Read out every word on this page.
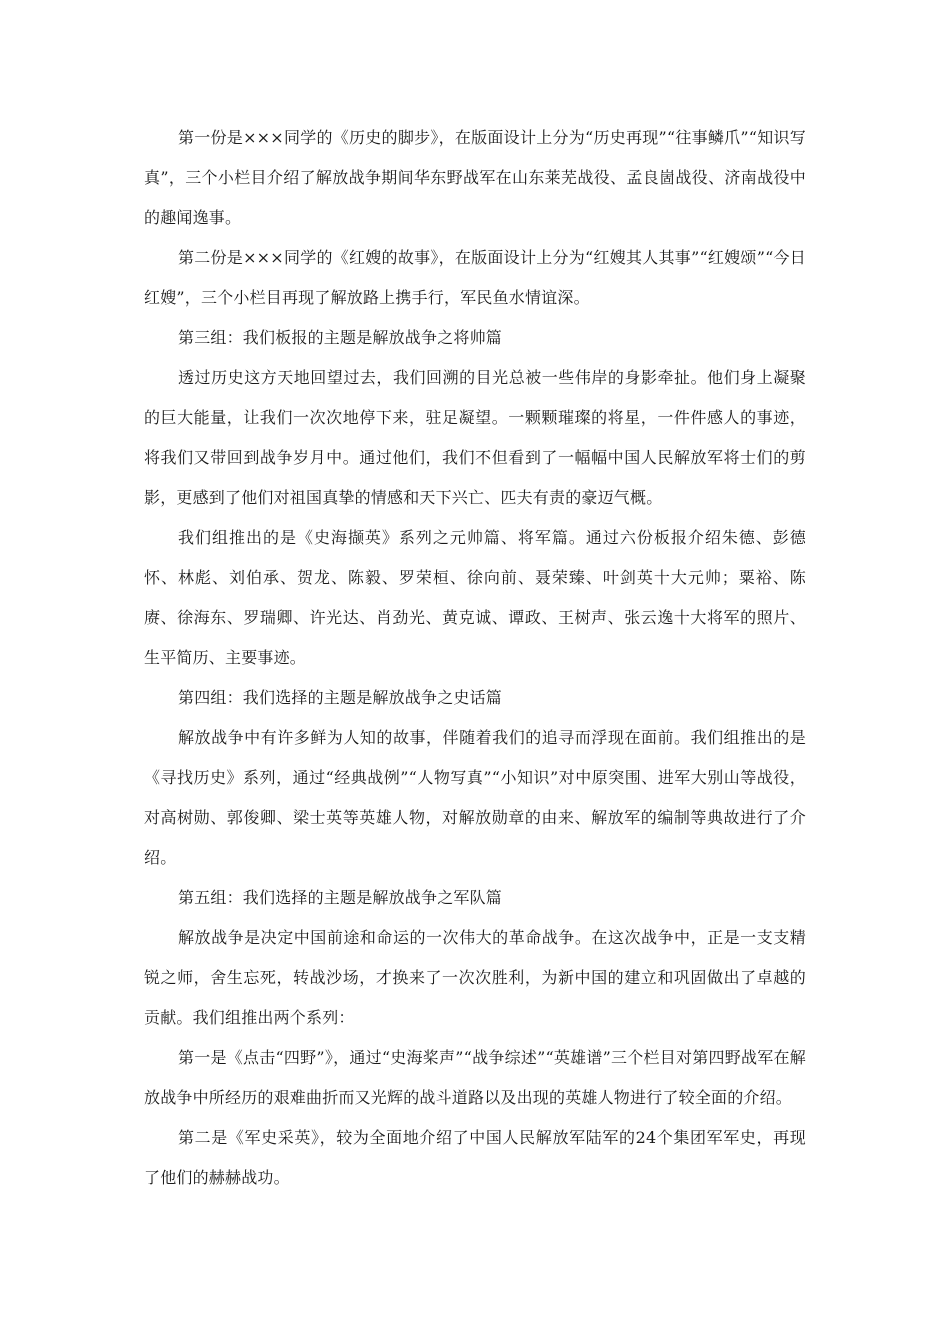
第一份是×××同学的《历史的脚步》，在版面设计上分为“历史再现”“往事鳞爪”“知识写真”，三个小栏目介绍了解放战争期间华东野战军在山东莱芜战役、孟良崮战役、济南战役中的趣闻逸事。

第二份是×××同学的《红嫂的故事》，在版面设计上分为“红嫂其人其事”“红嫂颂”“今日红嫂”，三个小栏目再现了解放路上携手行，军民鱼水情谊深。

第三组：我们板报的主题是解放战争之将帅篇

透过历史这方天地回望过去，我们回溯的目光总被一些伟岸的身影牵扯。他们身上凝聚的巨大能量，让我们一次次地停下来，驻足凝望。一颗颗璀璨的将星，一件件感人的事迹，将我们又带回到战争岁月中。通过他们，我们不但看到了一幅幅中国人民解放军将士们的剪影，更感到了他们对祖国真挚的情感和天下兴亡、匹夫有责的豪迈气概。

我们组推出的是《史海撷英》系列之元帅篇、将军篇。通过六份板报介绍朱德、彭德怀、林彪、刘伯承、贺龙、陈毅、罗荣桓、徐向前、聂荣臻、叶剑英十大元帅；粟裕、陈赓、徐海东、罗瑞卿、许光达、肖劲光、黄克诚、谭政、王树声、张云逸十大将军的照片、生平简历、主要事迹。

第四组：我们选择的主题是解放战争之史话篇

解放战争中有许多鲜为人知的故事，伴随着我们的追寻而浮现在面前。我们组推出的是《寻找历史》系列，通过“经典战例”“人物写真”“小知识”对中原突围、进军大别山等战役，对高树勋、郭俊卿、梁士英等英雄人物，对解放勋章的由来、解放军的编制等典故进行了介绍。

第五组：我们选择的主题是解放战争之军队篇

解放战争是决定中国前途和命运的一次伟大的革命战争。在这次战争中，正是一支支精锐之师，舍生忘死，转战沙场，才换来了一次次胜利，为新中国的建立和巩固做出了卓越的贡献。我们组推出两个系列：

第一是《点击“四野”》，通过“史海桨声”“战争综述”“英雄谱”三个栏目对第四野战军在解放战争中所经历的艰难曲折而又光辉的战斗道路以及出现的英雄人物进行了较全面的介绍。

第二是《军史采英》，较为全面地介绍了中国人民解放军陆军的24个集团军军史，再现了他们的赫赫战功。
